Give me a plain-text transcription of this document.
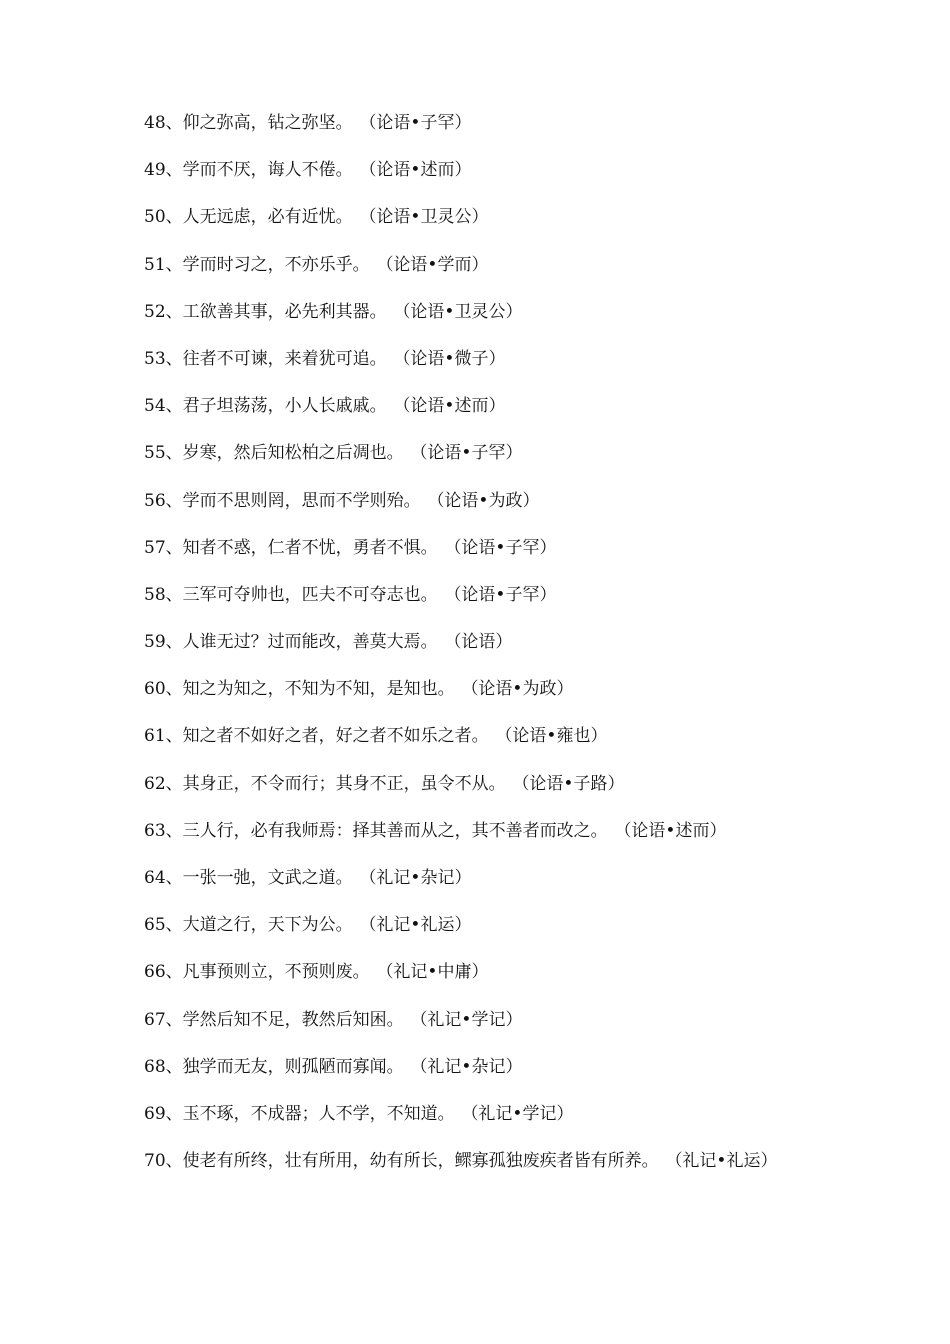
48、仰之弥高，钻之弥坚。 （论语•子罕）
49、学而不厌，诲人不倦。 （论语•述而）
50、人无远虑，必有近忧。 （论语•卫灵公）
51、学而时习之，不亦乐乎。 （论语•学而）
52、工欲善其事，必先利其器。 （论语•卫灵公）
53、往者不可谏，来着犹可追。 （论语•微子）
54、君子坦荡荡，小人长戚戚。 （论语•述而）
55、岁寒，然后知松柏之后凋也。 （论语•子罕）
56、学而不思则罔，思而不学则殆。 （论语•为政）
57、知者不惑，仁者不忧，勇者不惧。 （论语•子罕）
58、三军可夺帅也，匹夫不可夺志也。 （论语•子罕）
59、人谁无过？过而能改，善莫大焉。 （论语）
60、知之为知之，不知为不知，是知也。 （论语•为政）
61、知之者不如好之者，好之者不如乐之者。 （论语•雍也）
62、其身正，不令而行；其身不正，虽令不从。 （论语•子路）
63、三人行，必有我师焉：择其善而从之，其不善者而改之。 （论语•述而）
64、一张一弛，文武之道。 （礼记•杂记）
65、大道之行，天下为公。 （礼记•礼运）
66、凡事预则立，不预则废。 （礼记•中庸）
67、学然后知不足，教然后知困。 （礼记•学记）
68、独学而无友，则孤陋而寡闻。 （礼记•杂记）
69、玉不琢，不成器；人不学，不知道。 （礼记•学记）
70、使老有所终，壮有所用，幼有所长，鳏寡孤独废疾者皆有所养。 （礼记•礼运）
